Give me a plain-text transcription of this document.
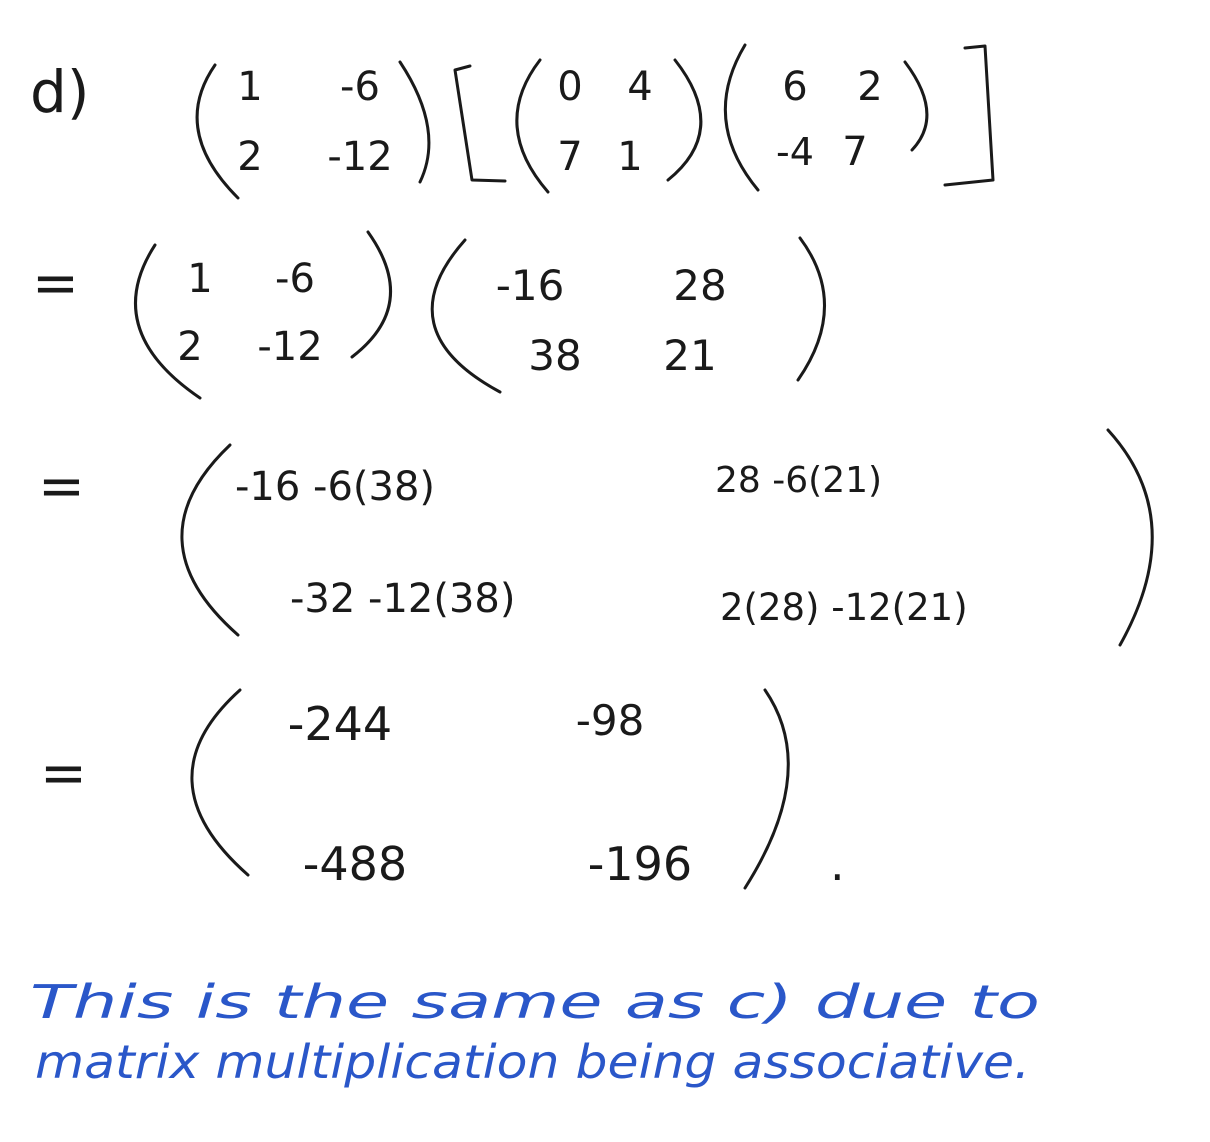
d)	1 -6
2 -12
0 4
7 1
6 2
-4 7
=	1 -6
2 -12
-16	28
38 21
=	-16 -6(38)	28 -6(21)
-32 -12(38)	2(28) -12(21)
=
-244	-98
-488	-196	.
This is the same as c) due to
matrix multiplication being associative.
